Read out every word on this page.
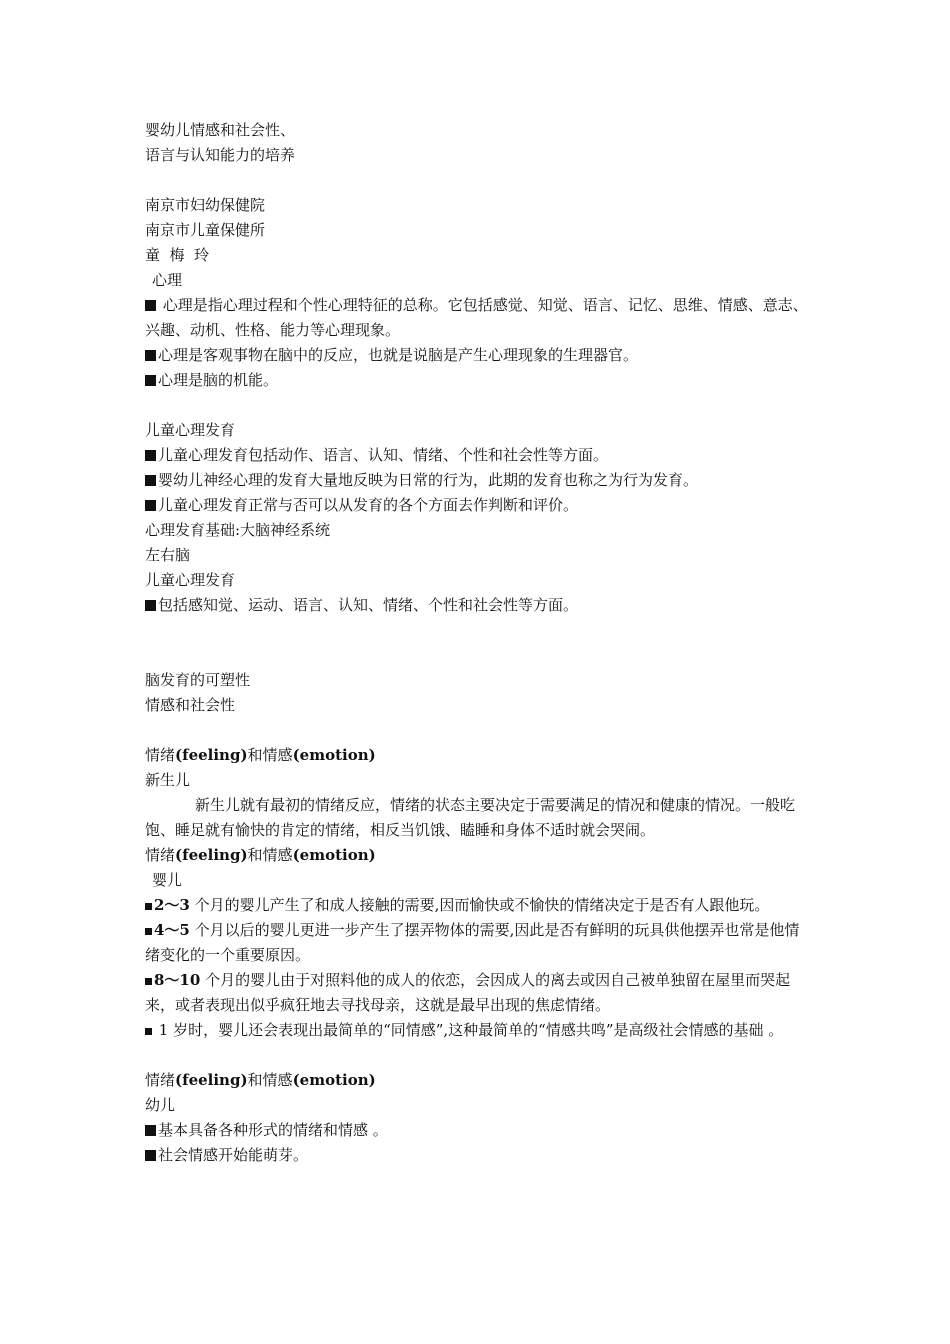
婴幼儿情感和社会性、

语言与认知能力的培养

南京市妇幼保健院

南京市儿童保健所

童  梅  玲

心理

心理是指心理过程和个性心理特征的总称。它包括感觉、知觉、语言、记忆、思维、情感、意志、兴趣、动机、性格、能力等心理现象。

心理是客观事物在脑中的反应，也就是说脑是产生心理现象的生理器官。

心理是脑的机能。

儿童心理发育

儿童心理发育包括动作、语言、认知、情绪、个性和社会性等方面。

婴幼儿神经心理的发育大量地反映为日常的行为，此期的发育也称之为行为发育。

儿童心理发育正常与否可以从发育的各个方面去作判断和评价。

心理发育基础:大脑神经系统

左右脑

儿童心理发育

包括感知觉、运动、语言、认知、情绪、个性和社会性等方面。

脑发育的可塑性

情感和社会性

情绪(feeling)和情感(emotion)

新生儿

新生儿就有最初的情绪反应，情绪的状态主要决定于需要满足的情况和健康的情况。一般吃饱、睡足就有愉快的肯定的情绪，相反当饥饿、瞌睡和身体不适时就会哭闹。

情绪(feeling)和情感(emotion)

婴儿

2～3 个月的婴儿产生了和成人接触的需要,因而愉快或不愉快的情绪决定于是否有人跟他玩。

4～5 个月以后的婴儿更进一步产生了摆弄物体的需要,因此是否有鲜明的玩具供他摆弄也常是他情绪变化的一个重要原因。

8～10 个月的婴儿由于对照料他的成人的依恋，会因成人的离去或因自己被单独留在屋里而哭起来，或者表现出似乎疯狂地去寻找母亲，这就是最早出现的焦虑情绪。

1 岁时，婴儿还会表现出最简单的“同情感”,这种最简单的“情感共鸣”是高级社会情感的基础 。

情绪(feeling)和情感(emotion)

幼儿

基本具备各种形式的情绪和情感 。

社会情感开始能萌芽。
